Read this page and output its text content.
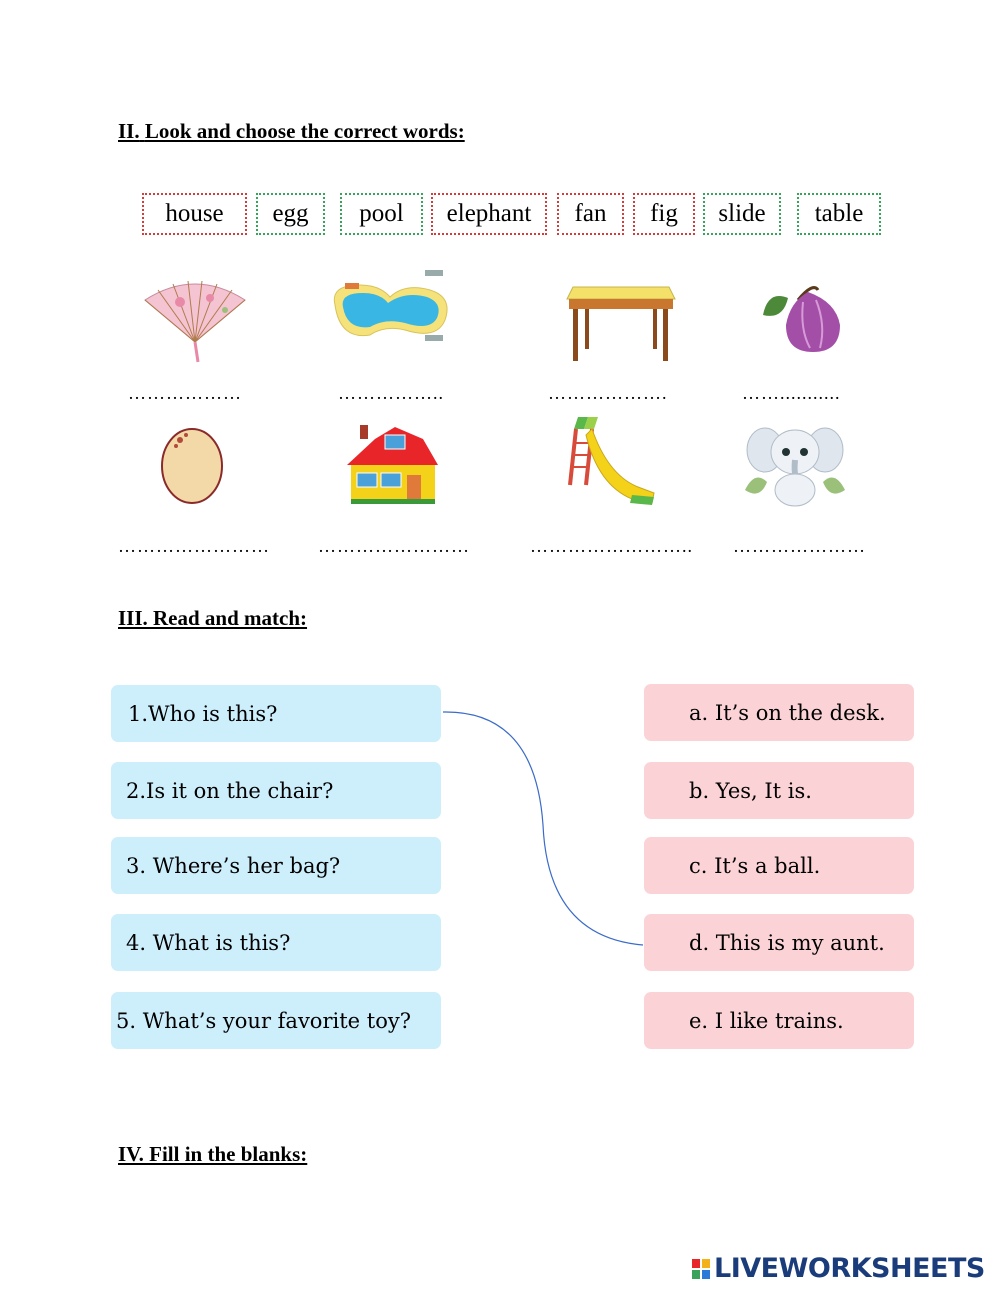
II. Look and choose the correct words:
house	egg	pool	elephant	fan	fig	slide	table
………………	……………..	……………….	……...........
……………………	……………………	…………………….. …………………
III. Read and match:
1.Who is this?
2.Is it on the chair?
3. Where’s her bag?
4. What is this?
5. What’s your favorite toy?
a. It’s on the desk.
b. Yes, It is.
c. It’s a ball.
d. This is my aunt.
e. I like trains.
IV. Fill in the blanks:
LIVEWORKSHEETS
